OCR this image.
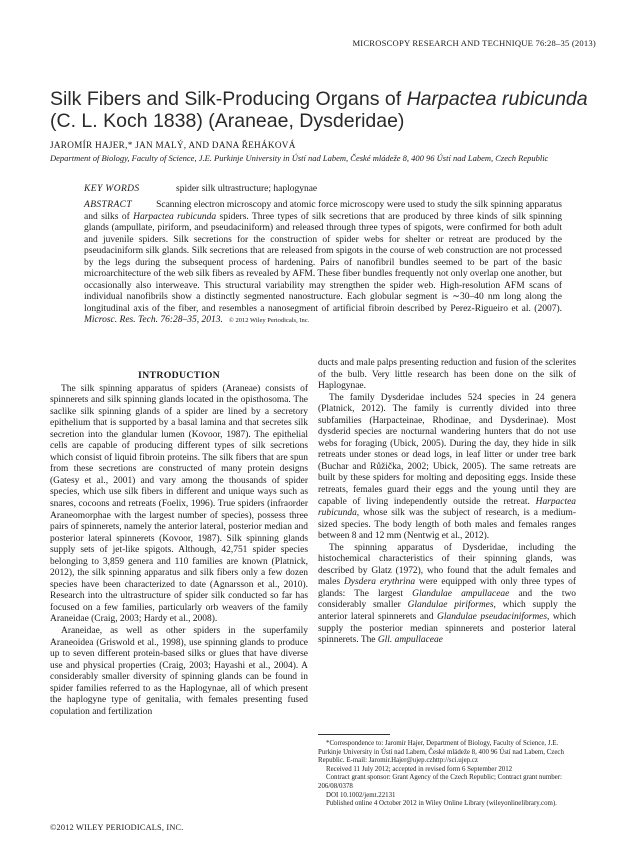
MICROSCOPY RESEARCH AND TECHNIQUE 76:28–35 (2013)
Silk Fibers and Silk-Producing Organs of Harpactea rubicunda (C. L. Koch 1838) (Araneae, Dysderidae)
JAROMÍR HAJER,* JAN MALÝ, AND DANA ŘEHÁKOVÁ
Department of Biology, Faculty of Science, J.E. Purkinje University in Ústí nad Labem, České mládeže 8, 400 96 Ústí nad Labem, Czech Republic
KEY WORDS	spider silk ultrastructure; haplogynae
ABSTRACT	Scanning electron microscopy and atomic force microscopy were used to study the silk spinning apparatus and silks of Harpactea rubicunda spiders. Three types of silk secretions that are produced by three kinds of silk spinning glands (ampullate, piriform, and pseudaciniform) and released through three types of spigots, were confirmed for both adult and juvenile spiders. Silk secretions for the construction of spider webs for shelter or retreat are produced by the pseudaciniform silk glands. Silk secretions that are released from spigots in the course of web construction are not processed by the legs during the subsequent process of hardening. Pairs of nanofibril bundles seemed to be part of the basic microarchitecture of the web silk fibers as revealed by AFM. These fiber bundles frequently not only overlap one another, but occasionally also interweave. This structural variability may strengthen the spider web. High-resolution AFM scans of individual nanofibrils show a distinctly segmented nanostructure. Each globular segment is ∼30–40 nm long along the longitudinal axis of the fiber, and resembles a nanosegment of artificial fibroin described by Perez-Rigueiro et al. (2007). Microsc. Res. Tech. 76:28–35, 2013. © 2012 Wiley Periodicals, Inc.
INTRODUCTION

The silk spinning apparatus of spiders (Araneae) consists of spinnerets and silk spinning glands located in the opisthosoma. The saclike silk spinning glands of a spider are lined by a secretory epithelium that is supported by a basal lamina and that secretes silk secretion into the glandular lumen (Kovoor, 1987). The epithelial cells are capable of producing different types of silk secretions which consist of liquid fibroin proteins. The silk fibers that are spun from these secretions are constructed of many protein designs (Gatesy et al., 2001) and vary among the thousands of spider species, which use silk fibers in different and unique ways such as snares, cocoons and retreats (Foelix, 1996). True spiders (infraorder Araneomorphae with the largest number of species), possess three pairs of spinnerets, namely the anterior lateral, posterior median and posterior lateral spinnerets (Kovoor, 1987). Silk spinning glands supply sets of jet-like spigots. Although, 42,751 spider species belonging to 3,859 genera and 110 families are known (Platnick, 2012), the silk spinning apparatus and silk fibers only a few dozen species have been characterized to date (Agnarsson et al., 2010). Research into the ultrastructure of spider silk conducted so far has focused on a few families, particularly orb weavers of the family Araneidae (Craig, 2003; Hardy et al., 2008).

Araneidae, as well as other spiders in the superfamily Araneoidea (Griswold et al., 1998), use spinning glands to produce up to seven different protein-based silks or glues that have diverse use and physical properties (Craig, 2003; Hayashi et al., 2004). A considerably smaller diversity of spinning glands can be found in spider families referred to as the Haplogynae, all of which present the haplogyne type of genitalia, with females presenting fused copulation and fertilization

ducts and male palps presenting reduction and fusion of the sclerites of the bulb. Very little research has been done on the silk of Haplogynae.

The family Dysderidae includes 524 species in 24 genera (Platnick, 2012). The family is currently divided into three subfamilies (Harpacteinae, Rhodinae, and Dysderinae). Most dysderid species are nocturnal wandering hunters that do not use webs for foraging (Ubick, 2005). During the day, they hide in silk retreats under stones or dead logs, in leaf litter or under tree bark (Buchar and Růžička, 2002; Ubick, 2005). The same retreats are built by these spiders for molting and depositing eggs. Inside these retreats, females guard their eggs and the young until they are capable of living independently outside the retreat. Harpactea rubicunda, whose silk was the subject of research, is a medium-sized species. The body length of both males and females ranges between 8 and 12 mm (Nentwig et al., 2012).

The spinning apparatus of Dysderidae, including the histochemical characteristics of their spinning glands, was described by Glatz (1972), who found that the adult females and males Dysdera erythrina were equipped with only three types of glands: The largest Glandulae ampullaceae and the two considerably smaller Glandulae piriformes, which supply the anterior lateral spinnerets and Glandulae pseudaciniformes, which supply the posterior median spinnerets and posterior lateral spinnerets. The Gll. ampullaceae

*Correspondence to: Jaromír Hajer, Department of Biology, Faculty of Science, J.E. Purkinje University in Ústí nad Labem, České mládeže 8, 400 96 Ústí nad Labem, Czech Republic. E-mail: Jaromir.Hajer@ujep.czhttp://sci.ujep.cz
Received 11 July 2012; accepted in revised form 6 September 2012
Contract grant sponsor: Grant Agency of the Czech Republic; Contract grant number: 206/08/0378
DOI 10.1002/jemt.22131
Published online 4 October 2012 in Wiley Online Library (wileyonlinelibrary.com).
©2012 WILEY PERIODICALS, INC.
